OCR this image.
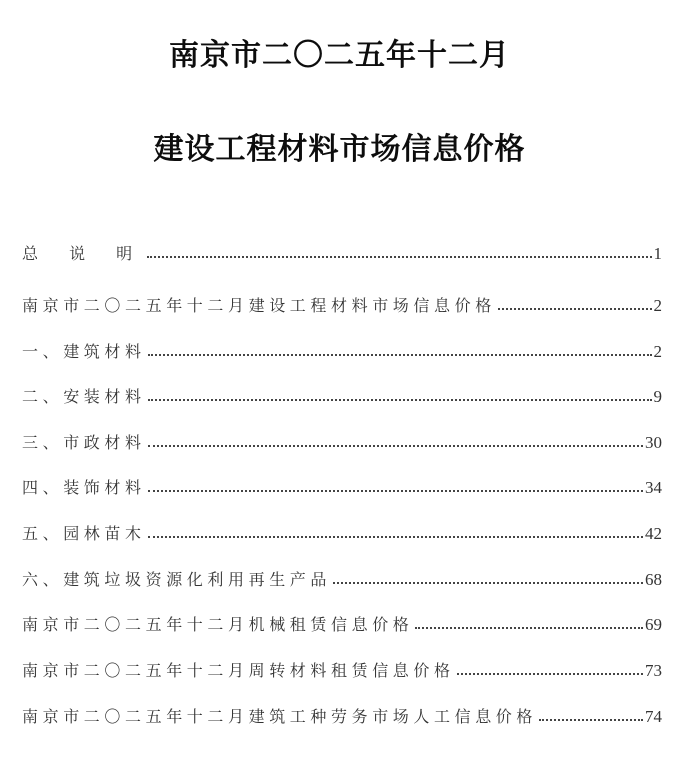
南京市二〇二五年十二月
建设工程材料市场信息价格
总 说 明	1
南京市二〇二五年十二月建设工程材料市场信息价格	2
一、建筑材料	2
二、安装材料	9
三、市政材料	30
四、装饰材料	34
五、园林苗木	42
六、建筑垃圾资源化利用再生产品	68
南京市二〇二五年十二月机械租赁信息价格	69
南京市二〇二五年十二月周转材料租赁信息价格	73
南京市二〇二五年十二月建筑工种劳务市场人工信息价格	74
